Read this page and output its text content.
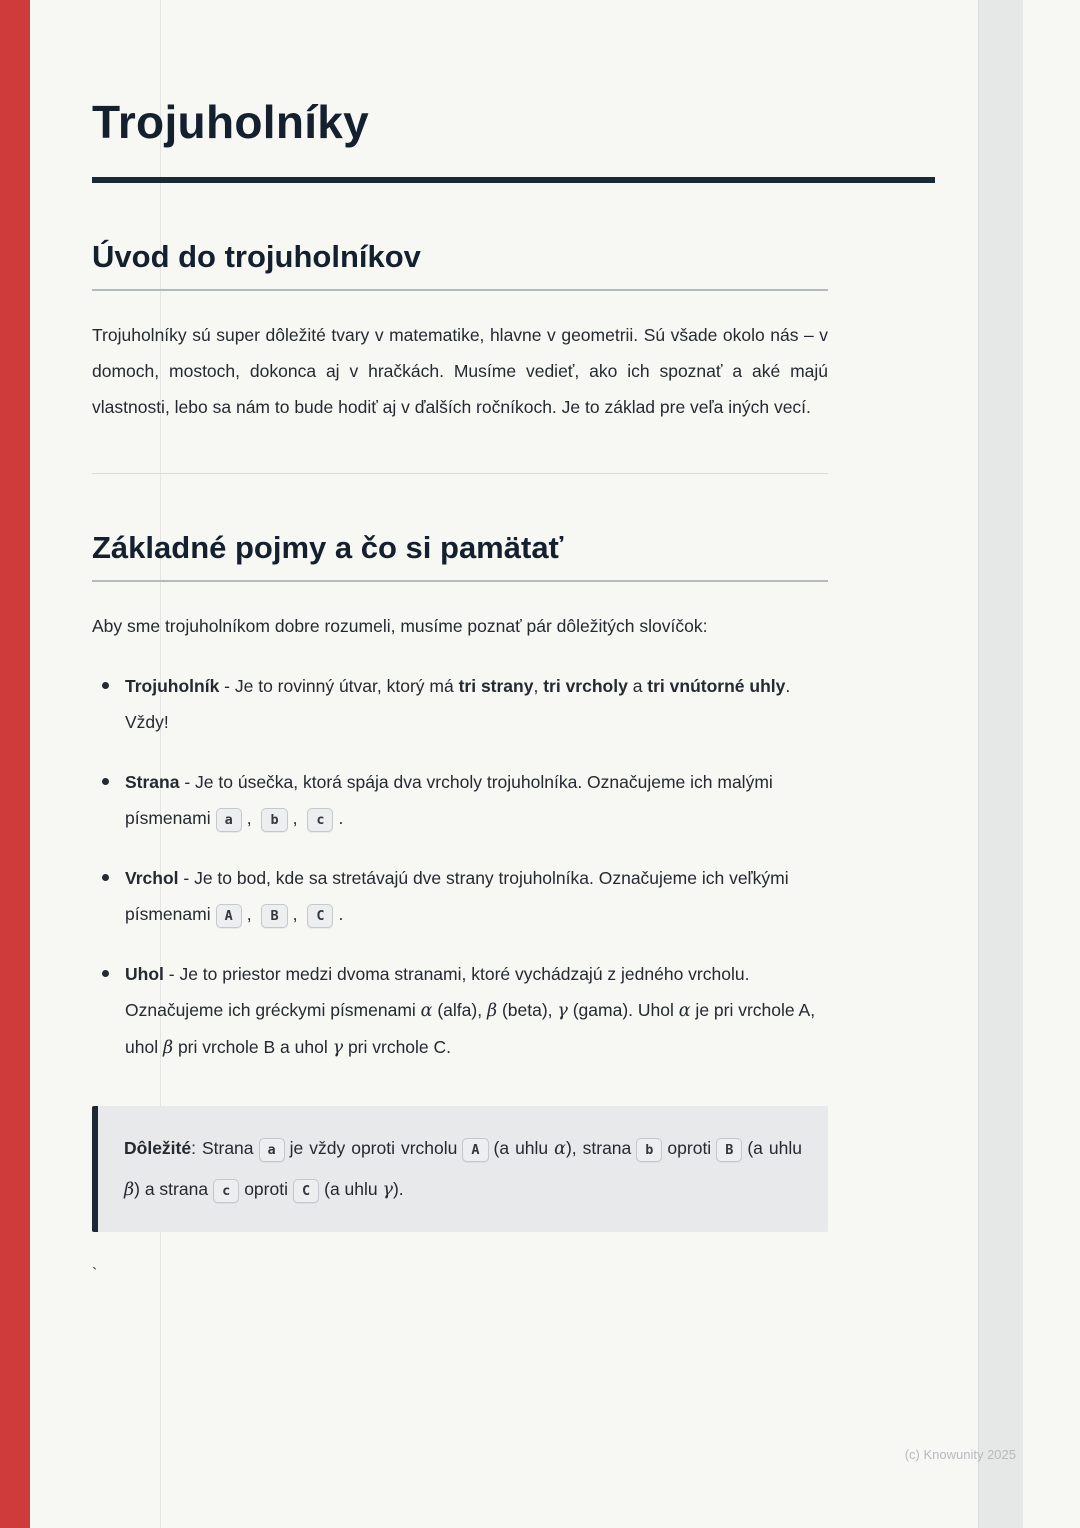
Trojuholníky
Úvod do trojuholníkov

Trojuholníky sú super dôležité tvary v matematike, hlavne v geometrii. Sú všade okolo nás – v domoch, mostoch, dokonca aj v hračkách. Musíme vedieť, ako ich spoznať a aké majú vlastnosti, lebo sa nám to bude hodiť aj v ďalších ročníkoch. Je to základ pre veľa iných vecí.

Základné pojmy a čo si pamätať

Aby sme trojuholníkom dobre rozumeli, musíme poznať pár dôležitých slovíčok:

Trojuholník - Je to rovinný útvar, ktorý má tri strany, tri vrcholy a tri vnútorné uhly. Vždy!
Strana - Je to úsečka, ktorá spája dva vrcholy trojuholníka. Označujeme ich malými písmenami a , b , c .
Vrchol - Je to bod, kde sa stretávajú dve strany trojuholníka. Označujeme ich veľkými písmenami A , B , C .
Uhol - Je to priestor medzi dvoma stranami, ktoré vychádzajú z jedného vrcholu. Označujeme ich gréckymi písmenami α (alfa), β (beta), γ (gama). Uhol α je pri vrchole A, uhol β pri vrchole B a uhol γ pri vrchole C.
Dôležité: Strana a je vždy oproti vrcholu A (a uhlu α), strana b oproti B (a uhlu β) a strana c oproti C (a uhlu γ).

`

(c) Knowunity 2025
